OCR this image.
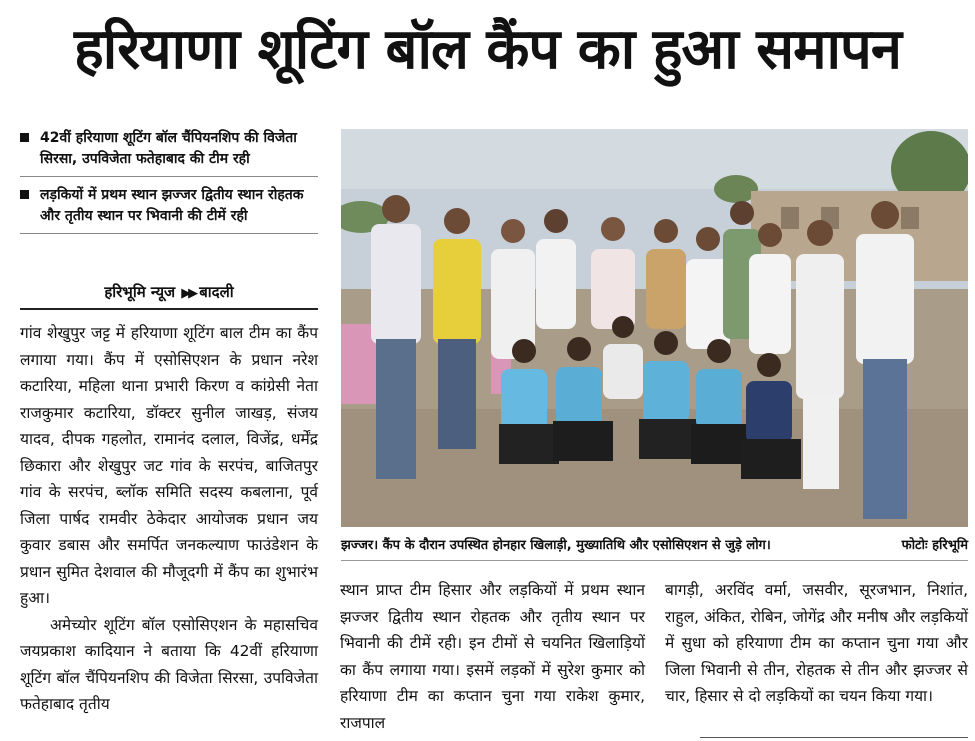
हरियाणा शूटिंग बॉल कैंप का हुआ समापन
42वीं हरियाणा शूटिंग बॉल चैंपियनशिप की विजेता सिरसा, उपविजेता फतेहाबाद की टीम रही
लड़कियों में प्रथम स्थान झज्जर द्वितीय स्थान रोहतक और तृतीय स्थान पर भिवानी की टीमें रही
हरिभूमि न्यूज ▶▶ बादली

गांव शेखुपुर जट्ट में हरियाणा शूटिंग बाल टीम का कैंप लगाया गया। कैंप में एसोसिएशन के प्रधान नरेश कटारिया, महिला थाना प्रभारी किरण व कांग्रेसी नेता राजकुमार कटारिया, डॉक्टर सुनील जाखड़, संजय यादव, दीपक गहलोत, रामानंद दलाल, विजेंद्र, धर्मेंद्र छिकारा और शेखुपुर जट गांव के सरपंच, बाजितपुर गांव के सरपंच, ब्लॉक समिति सदस्य कबलाना, पूर्व जिला पार्षद रामवीर ठेकेदार आयोजक प्रधान जय कुवार डबास और समर्पित जनकल्याण फाउंडेशन के प्रधान सुमित देशवाल की मौजूदगी में कैंप का शुभारंभ हुआ।

अमेच्योर शूटिंग बॉल एसोसिएशन के महासचिव जयप्रकाश कादियान ने बताया कि 42वीं हरियाणा शूटिंग बॉल चैंपियनशिप की विजेता सिरसा, उपविजेता फतेहाबाद तृतीय

झज्जर। कैंप के दौरान उपस्थित होनहार खिलाड़ी, मुख्यातिथि और एसोसिएशन से जुड़े लोग।	फोटोः हरिभूमि

स्थान प्राप्त टीम हिसार और लड़कियों में प्रथम स्थान झज्जर द्वितीय स्थान रोहतक और तृतीय स्थान पर भिवानी की टीमें रही। इन टीमों से चयनित खिलाड़ियों का कैंप लगाया गया। इसमें लड़कों में सुरेश कुमार को हरियाणा टीम का कप्तान चुना गया राकेश कुमार, राजपाल

बागड़ी, अरविंद वर्मा, जसवीर, सूरजभान, निशांत, राहुल, अंकित, रोबिन, जोगेंद्र और मनीष और लड़कियों में सुधा को हरियाणा टीम का कप्तान चुना गया और जिला भिवानी से तीन, रोहतक से तीन और झज्जर से चार, हिसार से दो लड़कियों का चयन किया गया।
